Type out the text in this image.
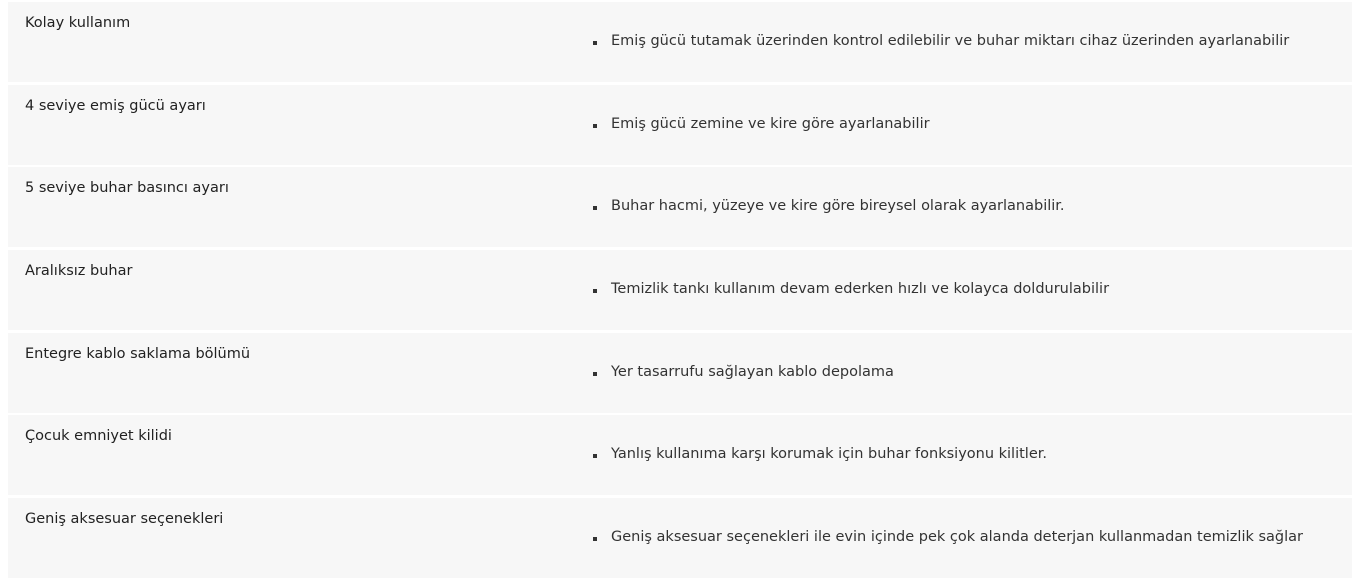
Kolay kullanım
Emiş gücü tutamak üzerinden kontrol edilebilir ve buhar miktarı cihaz üzerinden ayarlanabilir
4 seviye emiş gücü ayarı
Emiş gücü zemine ve kire göre ayarlanabilir
5 seviye buhar basıncı ayarı
Buhar hacmi, yüzeye ve kire göre bireysel olarak ayarlanabilir.
Aralıksız buhar
Temizlik tankı kullanım devam ederken hızlı ve kolayca doldurulabilir
Entegre kablo saklama bölümü
Yer tasarrufu sağlayan kablo depolama
Çocuk emniyet kilidi
Yanlış kullanıma karşı korumak için buhar fonksiyonu kilitler.
Geniş aksesuar seçenekleri
Geniş aksesuar seçenekleri ile evin içinde pek çok alanda deterjan kullanmadan temizlik sağlar
